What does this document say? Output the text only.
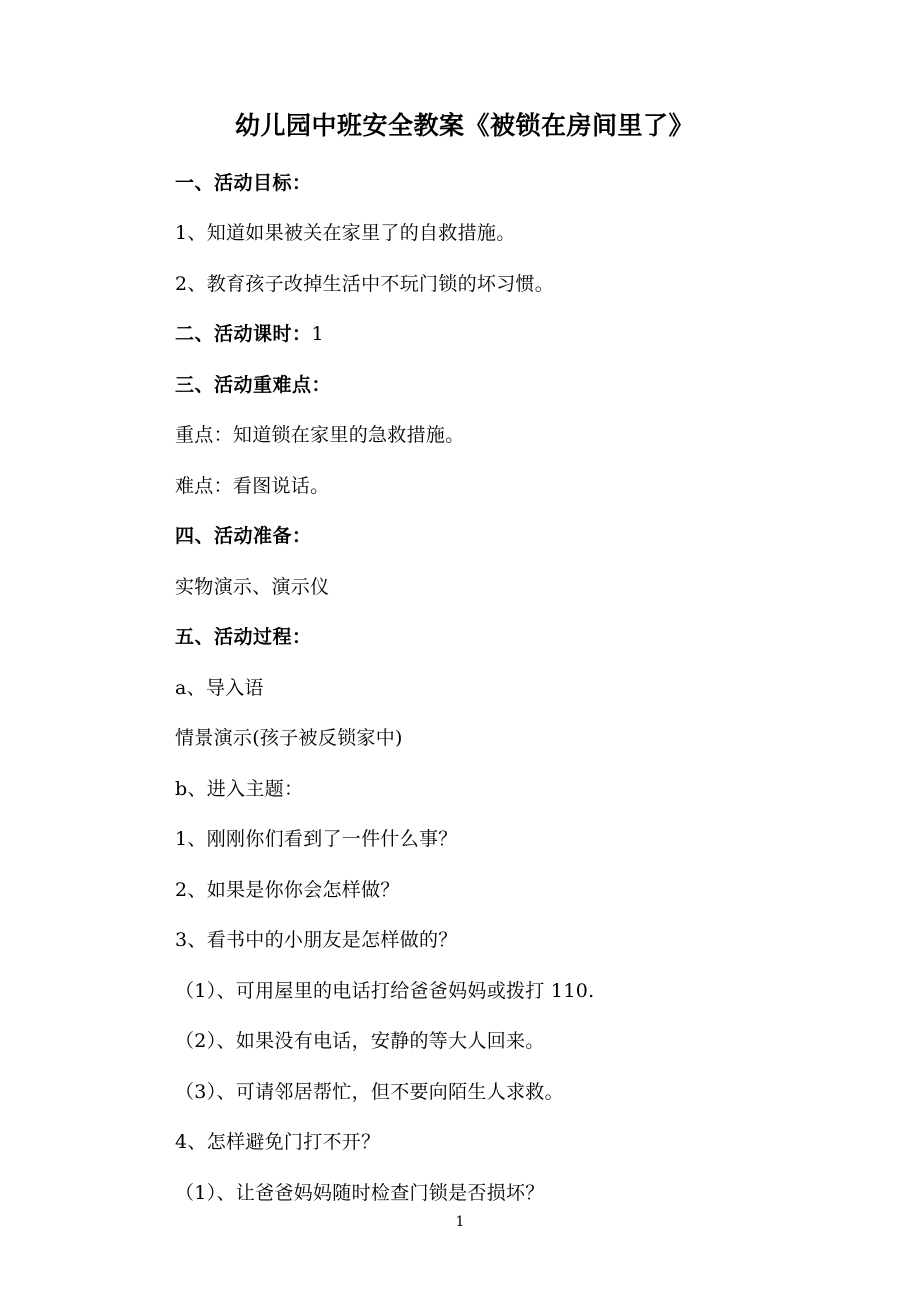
幼儿园中班安全教案《被锁在房间里了》
一、活动目标：
1、知道如果被关在家里了的自救措施。
2、教育孩子改掉生活中不玩门锁的坏习惯。
二、活动课时：1
三、活动重难点：
重点：知道锁在家里的急救措施。
难点：看图说话。
四、活动准备：
实物演示、演示仪
五、活动过程：
a、导入语
情景演示(孩子被反锁家中)
b、进入主题：
1、刚刚你们看到了一件什么事？
2、如果是你你会怎样做？
3、看书中的小朋友是怎样做的？
（1）、可用屋里的电话打给爸爸妈妈或拨打 110.
（2）、如果没有电话，安静的等大人回来。
（3）、可请邻居帮忙，但不要向陌生人求救。
4、怎样避免门打不开？
（1）、让爸爸妈妈随时检查门锁是否损坏？
1
